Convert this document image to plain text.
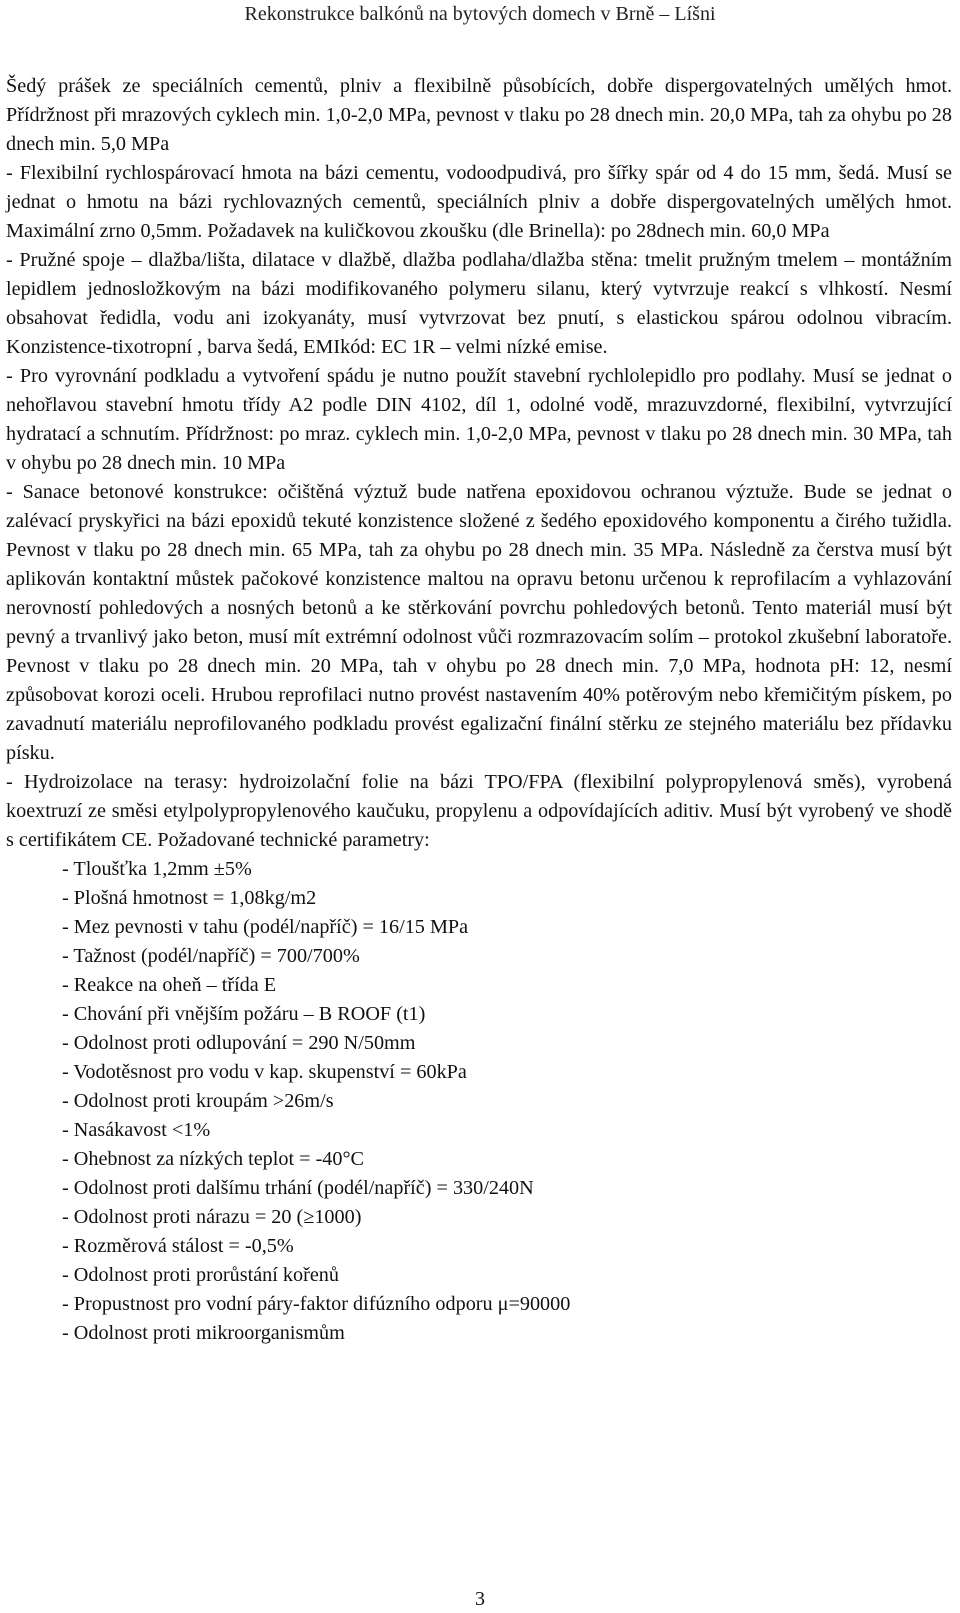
Rekonstrukce balkónů na bytových domech v Brně – Líšni

Šedý prášek ze speciálních cementů, plniv a flexibilně působících, dobře dispergovatelných umělých hmot. Přídržnost při mrazových cyklech min. 1,0-2,0 MPa, pevnost v tlaku po 28 dnech min. 20,0 MPa, tah za ohybu po 28 dnech min. 5,0 MPa

- Flexibilní rychlospárovací hmota na bázi cementu, vodoodpudivá, pro šířky spár od 4 do 15 mm, šedá. Musí se jednat o hmotu na bázi rychlovazných cementů, speciálních plniv a dobře dispergovatelných umělých hmot. Maximální zrno 0,5mm. Požadavek na kuličkovou zkoušku (dle Brinella): po 28dnech min. 60,0 MPa

- Pružné spoje – dlažba/lišta, dilatace v dlažbě, dlažba podlaha/dlažba stěna: tmelit pružným tmelem – montážním lepidlem jednosložkovým na bázi modifikovaného polymeru silanu, který vytvrzuje reakcí s vlhkostí. Nesmí obsahovat ředidla, vodu ani izokyanáty, musí vytvrzovat bez pnutí, s elastickou spárou odolnou vibracím. Konzistence-tixotropní , barva šedá, EMIkód: EC 1R – velmi nízké emise.

- Pro vyrovnání podkladu a vytvoření spádu je nutno použít stavební rychlolepidlo pro podlahy. Musí se jednat o nehořlavou stavební hmotu třídy A2 podle DIN 4102, díl 1, odolné vodě, mrazuvzdorné, flexibilní, vytvrzující hydratací a schnutím. Přídržnost: po mraz. cyklech min. 1,0-2,0 MPa, pevnost v tlaku po 28 dnech min. 30 MPa, tah v ohybu po 28 dnech min. 10 MPa

- Sanace betonové konstrukce: očištěná výztuž bude natřena epoxidovou ochranou výztuže. Bude se jednat o zalévací pryskyřici na bázi epoxidů tekuté konzistence složené z šedého epoxidového komponentu a čirého tužidla. Pevnost v tlaku po 28 dnech min. 65 MPa, tah za ohybu po 28 dnech min. 35 MPa. Následně za čerstva musí být aplikován kontaktní můstek pačokové konzistence maltou na opravu betonu určenou k reprofilacím a vyhlazování nerovností pohledových a nosných betonů a ke stěrkování povrchu pohledových betonů. Tento materiál musí být pevný a trvanlivý jako beton, musí mít extrémní odolnost vůči rozmrazovacím solím – protokol zkušební laboratoře. Pevnost v tlaku po 28 dnech min. 20 MPa, tah v ohybu po 28 dnech min. 7,0 MPa, hodnota pH: 12, nesmí způsobovat korozi oceli. Hrubou reprofilaci nutno provést nastavením 40% potěrovým nebo křemičitým pískem, po zavadnutí materiálu neprofilovaného podkladu provést egalizační finální stěrku ze stejného materiálu bez přídavku písku.

- Hydroizolace na terasy: hydroizolační folie na bázi TPO/FPA (flexibilní polypropylenová směs), vyrobená koextruzí ze směsi etylpolypropylenového kaučuku, propylenu a odpovídajících aditiv. Musí být vyrobený ve shodě s certifikátem CE. Požadované technické parametry:

- Tloušťka 1,2mm ±5%
- Plošná hmotnost = 1,08kg/m2
- Mez pevnosti v tahu (podél/napříč) = 16/15 MPa
- Tažnost (podél/napříč) = 700/700%
- Reakce na oheň – třída E
- Chování při vnějším požáru – B ROOF (t1)
- Odolnost proti odlupování = 290 N/50mm
- Vodotěsnost pro vodu v kap. skupenství = 60kPa
- Odolnost proti kroupám >26m/s
- Nasákavost <1%
- Ohebnost za nízkých teplot = -40°C
- Odolnost proti dalšímu trhání (podél/napříč) = 330/240N
- Odolnost proti nárazu = 20 (≥1000)
- Rozměrová stálost = -0,5%
- Odolnost proti prorůstání kořenů
- Propustnost pro vodní páry-faktor difúzního odporu μ=90000
- Odolnost proti mikroorganismům
3
